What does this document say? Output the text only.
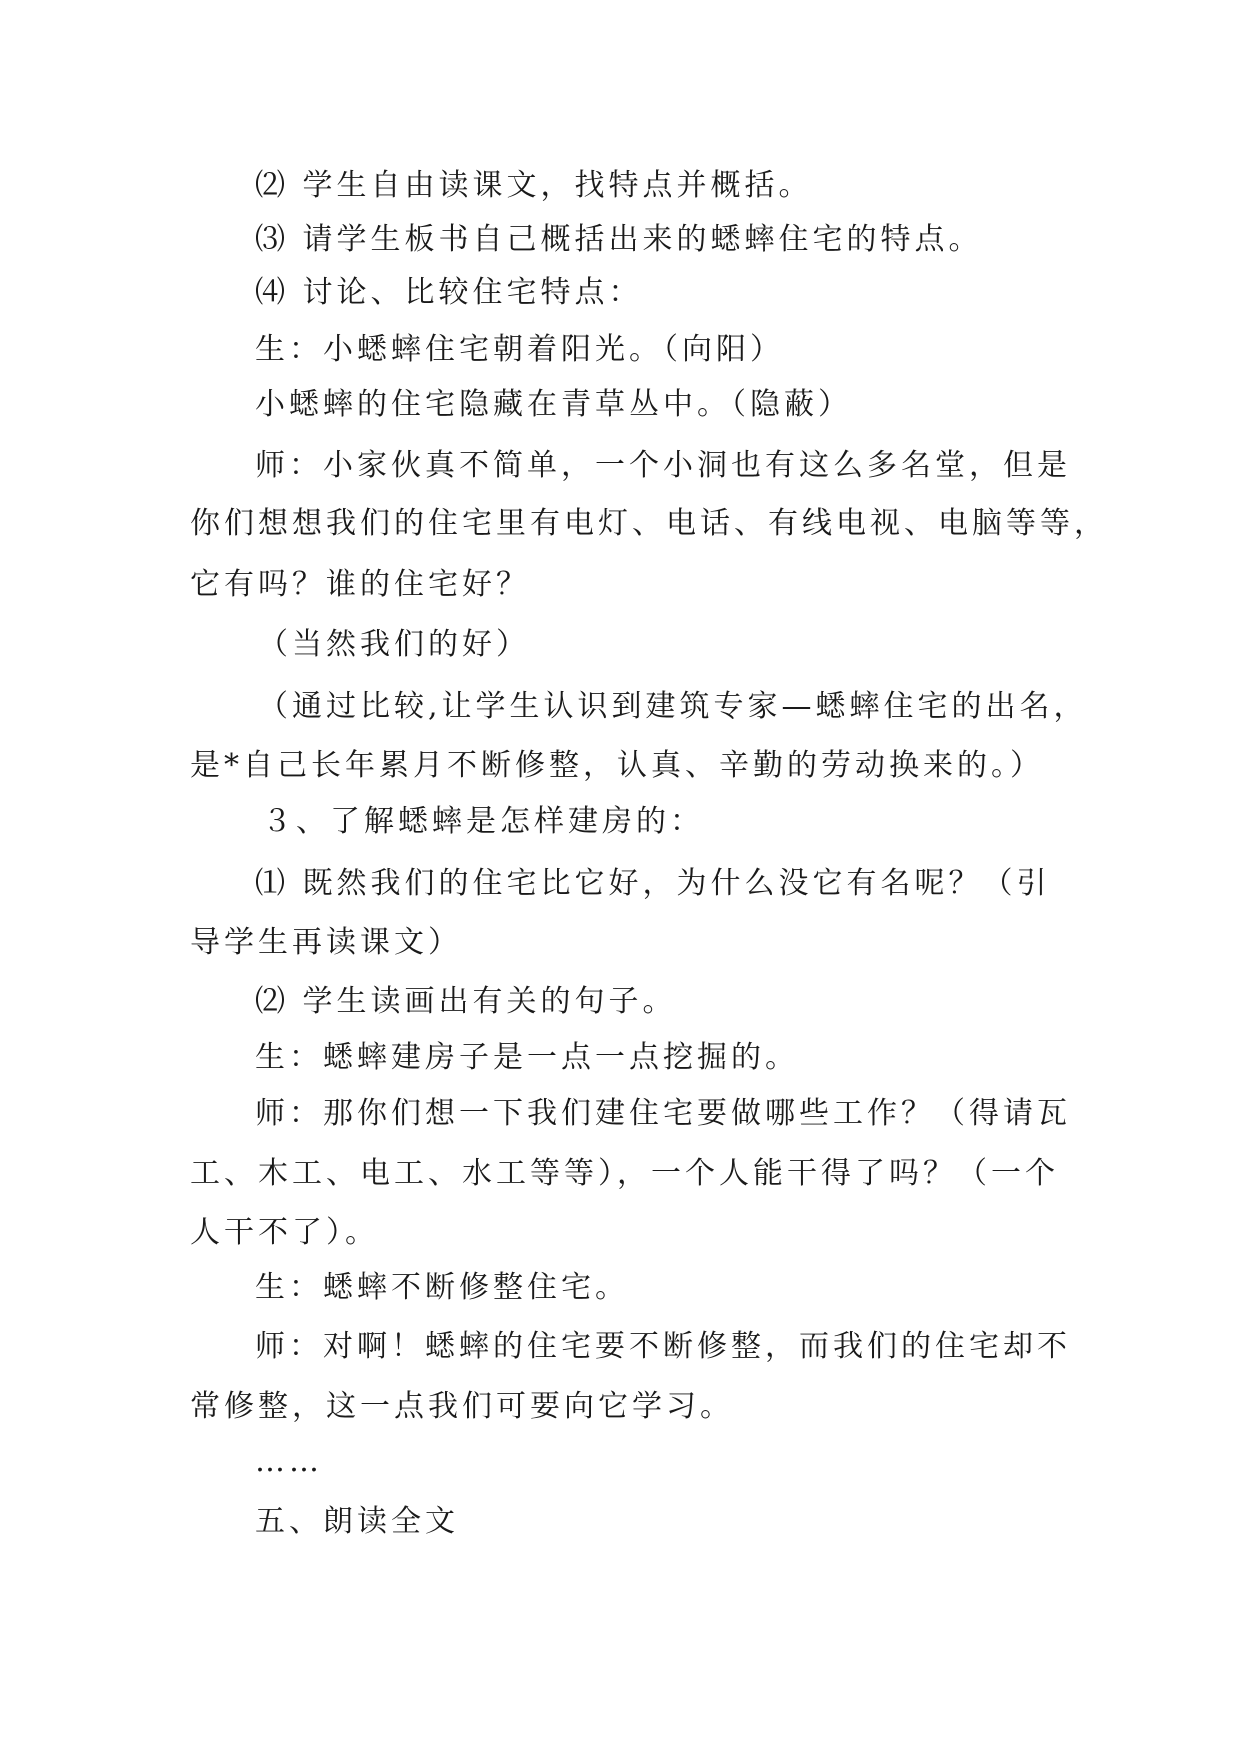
⑵ 学生自由读课文，找特点并概括。
⑶ 请学生板书自己概括出来的蟋蟀住宅的特点。
⑷ 讨论、比较住宅特点：
生：小蟋蟀住宅朝着阳光。（向阳）
小蟋蟀的住宅隐藏在青草丛中。（隐蔽）
师：小家伙真不简单，一个小洞也有这么多名堂，但是
你们想想我们的住宅里有电灯、电话、有线电视、电脑等等，
它有吗？谁的住宅好？
（当然我们的好）
（通过比较,让学生认识到建筑专家—蟋蟀住宅的出名，
是*自己长年累月不断修整，认真、辛勤的劳动换来的。）
３、了解蟋蟀是怎样建房的：
⑴ 既然我们的住宅比它好，为什么没它有名呢？（引
导学生再读课文）
⑵ 学生读画出有关的句子。
生：蟋蟀建房子是一点一点挖掘的。
师：那你们想一下我们建住宅要做哪些工作？（得请瓦
工、木工、电工、水工等等），一个人能干得了吗？（一个
人干不了）。
生：蟋蟀不断修整住宅。
师：对啊！蟋蟀的住宅要不断修整，而我们的住宅却不
常修整，这一点我们可要向它学习。
……
五、朗读全文
